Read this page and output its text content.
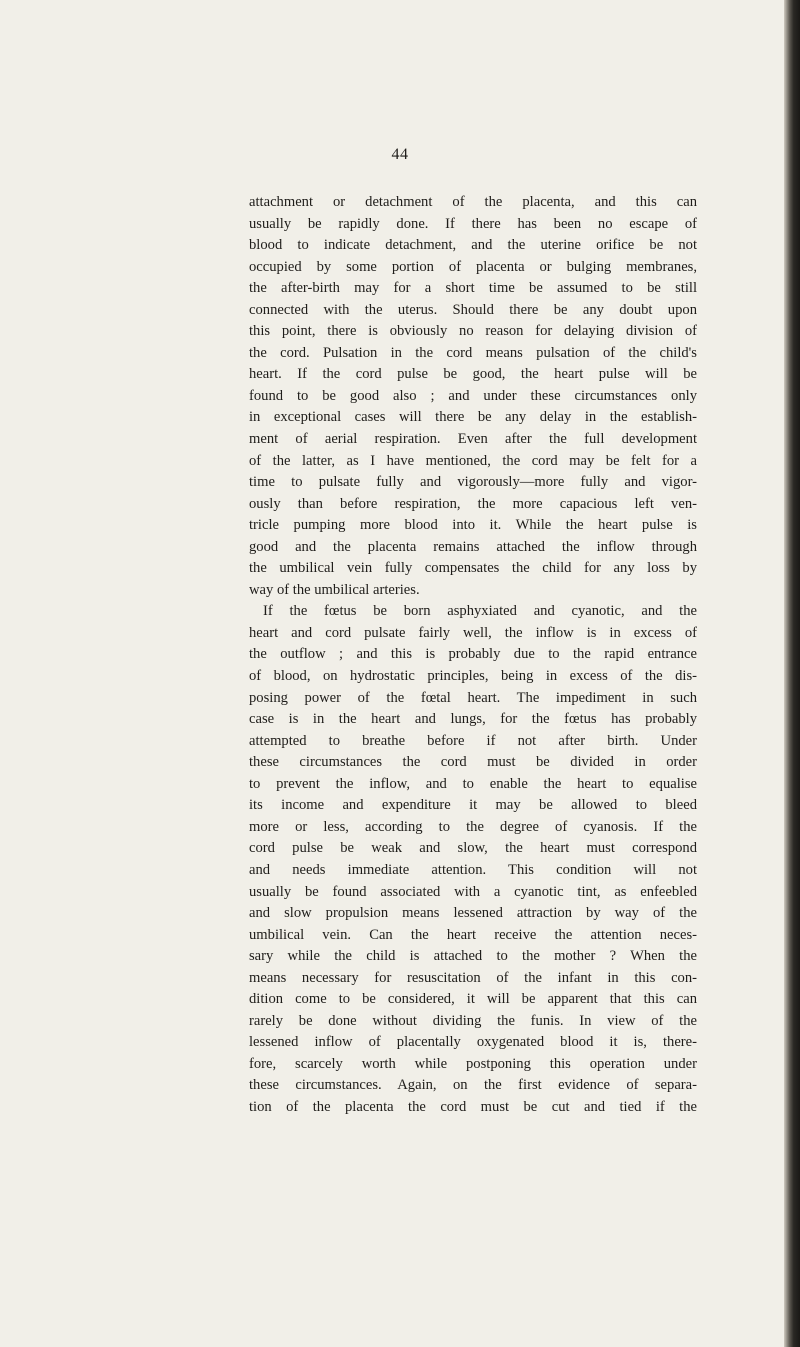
44
attachment or detachment of the placenta, and this can
usually be rapidly done. If there has been no escape of
blood to indicate detachment, and the uterine orifice be not
occupied by some portion of placenta or bulging membranes,
the after-birth may for a short time be assumed to be still
connected with the uterus. Should there be any doubt upon
this point, there is obviously no reason for delaying division of
the cord. Pulsation in the cord means pulsation of the child's
heart. If the cord pulse be good, the heart pulse will be
found to be good also ; and under these circumstances only
in exceptional cases will there be any delay in the establish-
ment of aerial respiration. Even after the full development
of the latter, as I have mentioned, the cord may be felt for a
time to pulsate fully and vigorously—more fully and vigor-
ously than before respiration, the more capacious left ven-
tricle pumping more blood into it. While the heart pulse is
good and the placenta remains attached the inflow through
the umbilical vein fully compensates the child for any loss by
way of the umbilical arteries.
If the fœtus be born asphyxiated and cyanotic, and the
heart and cord pulsate fairly well, the inflow is in excess of
the outflow ; and this is probably due to the rapid entrance
of blood, on hydrostatic principles, being in excess of the dis-
posing power of the fœtal heart. The impediment in such
case is in the heart and lungs, for the fœtus has probably
attempted to breathe before if not after birth. Under
these circumstances the cord must be divided in order
to prevent the inflow, and to enable the heart to equalise
its income and expenditure it may be allowed to bleed
more or less, according to the degree of cyanosis. If the
cord pulse be weak and slow, the heart must correspond
and needs immediate attention. This condition will not
usually be found associated with a cyanotic tint, as enfeebled
and slow propulsion means lessened attraction by way of the
umbilical vein. Can the heart receive the attention neces-
sary while the child is attached to the mother ? When the
means necessary for resuscitation of the infant in this con-
dition come to be considered, it will be apparent that this can
rarely be done without dividing the funis. In view of the
lessened inflow of placentally oxygenated blood it is, there-
fore, scarcely worth while postponing this operation under
these circumstances. Again, on the first evidence of separa-
tion of the placenta the cord must be cut and tied if the
